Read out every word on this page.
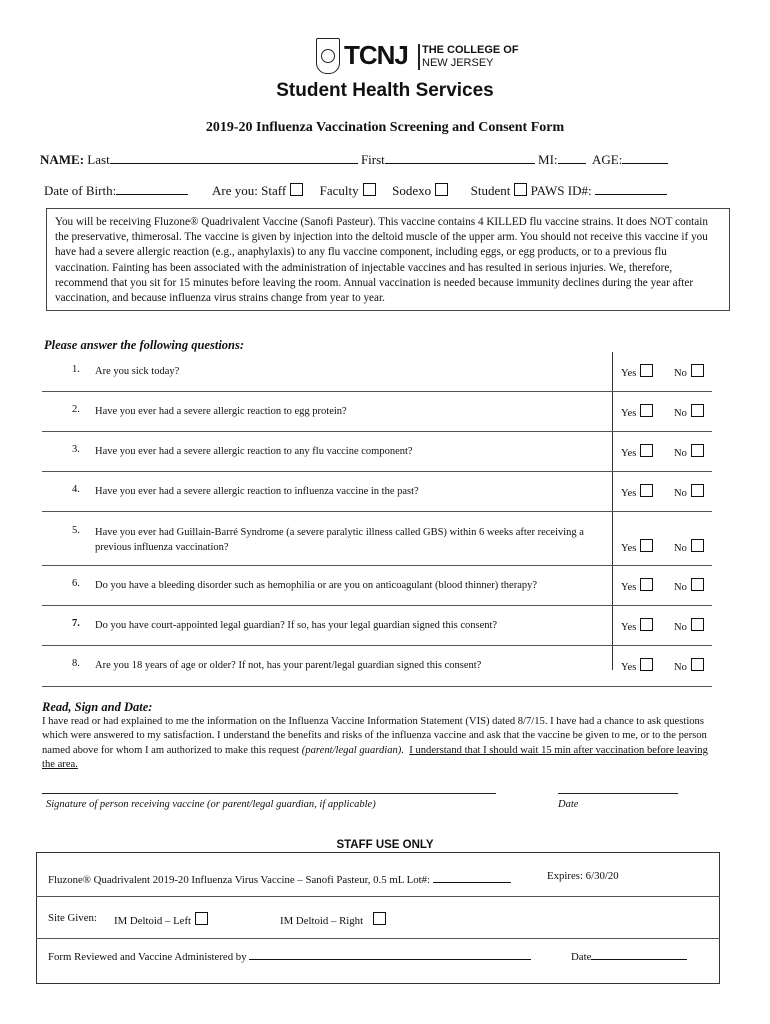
TCNJ THE COLLEGE OF
NEW JERSEY
Student Health Services
2019-20 Influenza Vaccination Screening and Consent Form
NAME: Last	First	MI:	AGE:
Date of Birth:	Are you: Staff	Faculty	Sodexo	Student PAWS ID#:
You will be receiving Fluzone® Quadrivalent Vaccine (Sanofi Pasteur). This vaccine contains 4 KILLED flu vaccine strains. It does NOT contain the preservative, thimerosal. The vaccine is given by injection into the deltoid muscle of the upper arm. You should not receive this vaccine if you have had a severe allergic reaction (e.g., anaphylaxis) to any flu vaccine component, including eggs, or egg products, or to a previous flu vaccination. Fainting has been associated with the administration of injectable vaccines and has resulted in serious injuries. We, therefore, recommend that you sit for 15 minutes before leaving the room. Annual vaccination is needed because immunity declines during the year after vaccination, and because influenza virus strains change from year to year.
Please answer the following questions:
1. Are you sick today?	Yes	No
2. Have you ever had a severe allergic reaction to egg protein?	Yes	No
3. Have you ever had a severe allergic reaction to any flu vaccine component?	Yes	No
4. Have you ever had a severe allergic reaction to influenza vaccine in the past?	Yes	No
5. Have you ever had Guillain-Barré Syndrome (a severe paralytic illness called GBS) within 6 weeks after receiving a previous influenza vaccination?	Yes	No
6. Do you have a bleeding disorder such as hemophilia or are you on anticoagulant (blood thinner) therapy?	Yes	No
7. Do you have court-appointed legal guardian? If so, has your legal guardian signed this consent?	Yes	No
8. Are you 18 years of age or older? If not, has your parent/legal guardian signed this consent?	Yes	No
Read, Sign and Date:
I have read or had explained to me the information on the Influenza Vaccine Information Statement (VIS) dated 8/7/15. I have had a chance to ask questions which were answered to my satisfaction. I understand the benefits and risks of the influenza vaccine and ask that the vaccine be given to me, or to the person named above for whom I am authorized to make this request (parent/legal guardian). I understand that I should wait 15 min after vaccination before leaving the area.
Signature of person receiving vaccine (or parent/legal guardian, if applicable)	Date
STAFF USE ONLY
Fluzone® Quadrivalent 2019-20 Influenza Virus Vaccine – Sanofi Pasteur, 0.5 mL Lot#:	Expires: 6/30/20
Site Given: IM Deltoid – Left	IM Deltoid – Right
Form Reviewed and Vaccine Administered by	Date
